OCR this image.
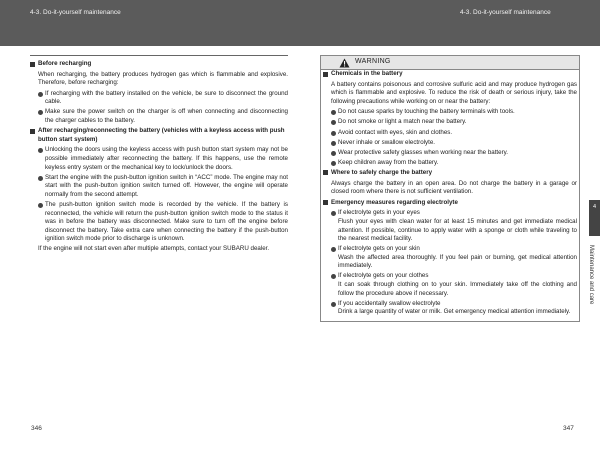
4-3. Do-it-yourself maintenance	4-3. Do-it-yourself maintenance
Before recharging
When recharging, the battery produces hydrogen gas which is flammable and explosive. Therefore, before recharging:
If recharging with the battery installed on the vehicle, be sure to disconnect the ground cable.
Make sure the power switch on the charger is off when connecting and disconnecting the charger cables to the battery.
After recharging/reconnecting the battery (vehicles with a keyless access with push button start system)
Unlocking the doors using the keyless access with push button start system may not be possible immediately after reconnecting the battery. If this happens, use the remote keyless entry system or the mechanical key to lock/unlock the doors.
Start the engine with the push-button ignition switch in “ACC” mode. The engine may not start with the push-button ignition switch turned off. However, the engine will operate normally from the second attempt.
The push-button ignition switch mode is recorded by the vehicle. If the battery is reconnected, the vehicle will return the push-button ignition switch mode to the status it was in before the battery was disconnected. Make sure to turn off the engine before disconnect the battery. Take extra care when connecting the battery if the push-button ignition switch mode prior to discharge is unknown.
If the engine will not start even after multiple attempts, contact your SUBARU dealer.
WARNING
Chemicals in the battery
A battery contains poisonous and corrosive sulfuric acid and may produce hydrogen gas which is flammable and explosive. To reduce the risk of death or serious injury, take the following precautions while working on or near the battery:
Do not cause sparks by touching the battery terminals with tools.
Do not smoke or light a match near the battery.
Avoid contact with eyes, skin and clothes.
Never inhale or swallow electrolyte.
Wear protective safety glasses when working near the battery.
Keep children away from the battery.
Where to safely charge the battery
Always charge the battery in an open area. Do not charge the battery in a garage or closed room where there is not sufficient ventilation.
Emergency measures regarding electrolyte
If electrolyte gets in your eyes
Flush your eyes with clean water for at least 15 minutes and get immediate medical attention. If possible, continue to apply water with a sponge or cloth while traveling to the nearest medical facility.
If electrolyte gets on your skin
Wash the affected area thoroughly. If you feel pain or burning, get medical attention immediately.
If electrolyte gets on your clothes
It can soak through clothing on to your skin. Immediately take off the clothing and follow the procedure above if necessary.
If you accidentally swallow electrolyte
Drink a large quantity of water or milk. Get emergency medical attention immediately.
4
Maintenance and care
346	347
